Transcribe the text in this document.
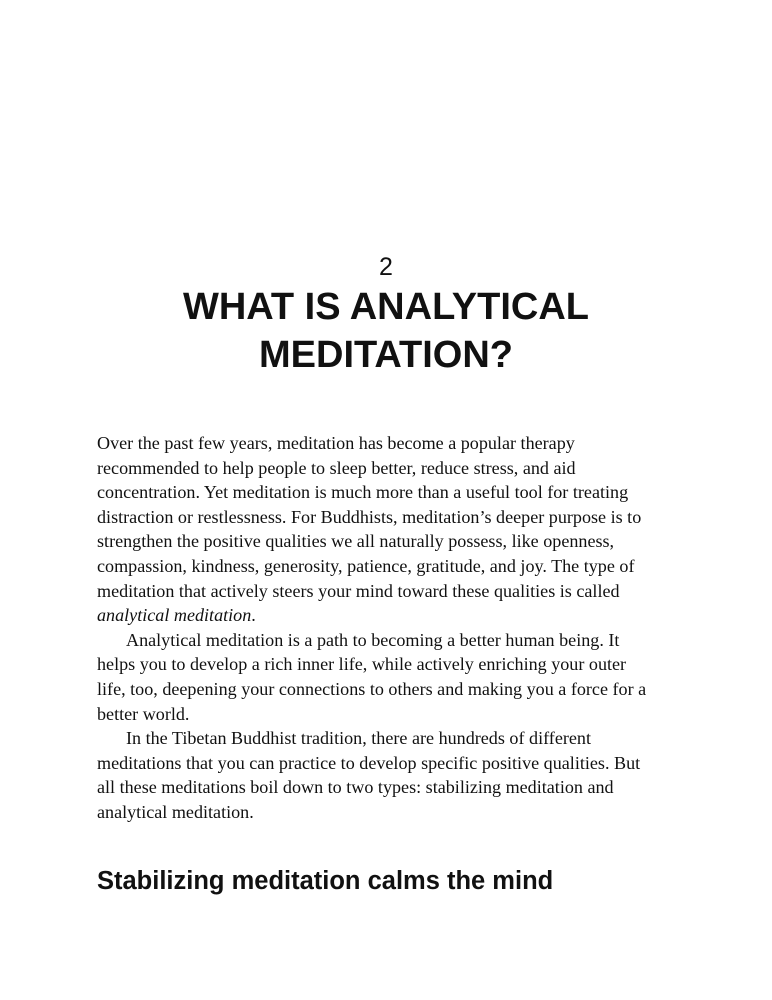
2
WHAT IS ANALYTICAL
MEDITATION?
Over the past few years, meditation has become a popular therapy
recommended to help people to sleep better, reduce stress, and aid
concentration. Yet meditation is much more than a useful tool for treating
distraction or restlessness. For Buddhists, meditation’s deeper purpose is to
strengthen the positive qualities we all naturally possess, like openness,
compassion, kindness, generosity, patience, gratitude, and joy. The type of
meditation that actively steers your mind toward these qualities is called
analytical meditation.
Analytical meditation is a path to becoming a better human being. It
helps you to develop a rich inner life, while actively enriching your outer
life, too, deepening your connections to others and making you a force for a
better world.
In the Tibetan Buddhist tradition, there are hundreds of different
meditations that you can practice to develop specific positive qualities. But
all these meditations boil down to two types: stabilizing meditation and
analytical meditation.
Stabilizing meditation calms the mind
